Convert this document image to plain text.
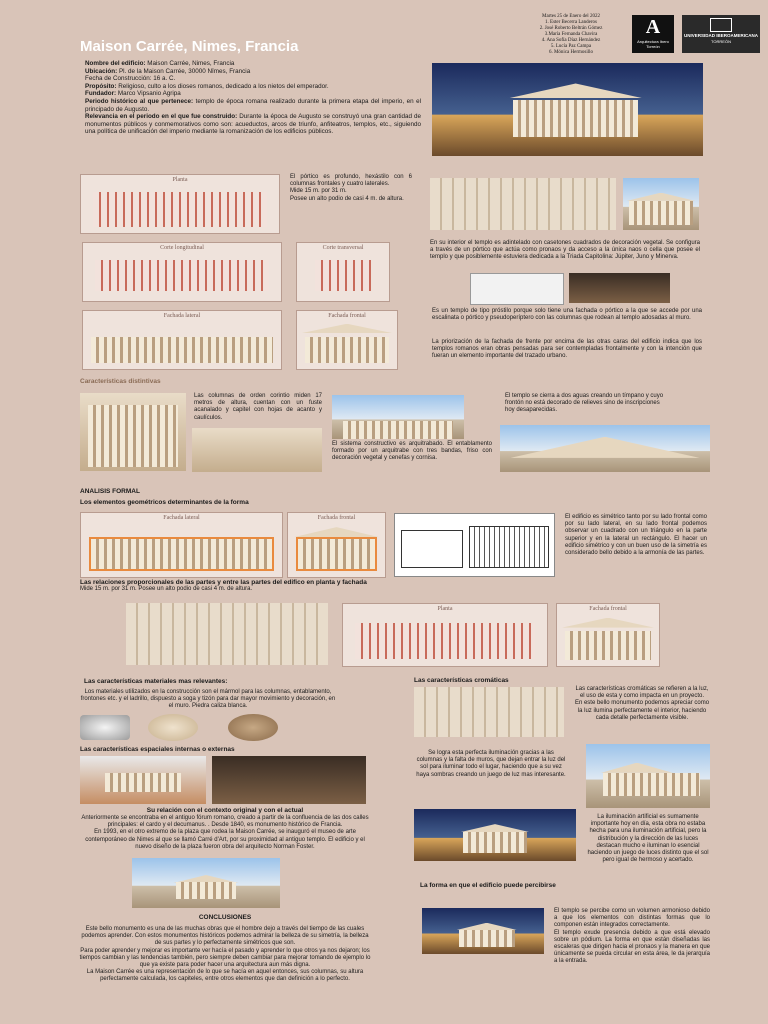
Maison Carrée, Nimes, Francia
Martes 25 de Enero del 2022
1. Ester Becerra Landeros
2. José Roberto Beltrán Gómez
3.María Fernanda Chavira
4. Ana Sofía Díaz Hernández
5. Lucía Paz Campa
6. Mónica Hermosillo
A
Arquitectura Ibero Torreón
UNIVERSIDAD IBEROAMERICANA
TORREÓN
Nombre del edificio: Maison Carrée, Nimes, Francia
Ubicación: Pl. de la Maison Carrée, 30000 Nîmes, Francia
Fecha de Construcción: 16 a. C.
Propósito: Religioso, culto a los dioses romanos, dedicado a los nietos del emperador.
Fundador: Marco Vipsanio Agripa
Periodo histórico al que pertenece: templo de época romana realizado durante la primera etapa del imperio, en el principado de Augusto.
Relevancia en el periodo en el que fue construido: Durante la época de Augusto se construyó una gran cantidad de monumentos públicos y conmemorativos como son: acueductos, arcos de triunfo, anfiteatros, templos, etc., siguiendo una política de unificación del imperio mediante la romanización de los edificios públicos.
Planta	El pórtico es profundo, hexástilo con 6 columnas frontales y cuatro laterales.
Mide 15 m. por 31 m.
Posee un alto podio de casi 4 m. de altura.
Corte longitudinal	Corte transversal
En su interior el templo es adintelado con casetones cuadrados de decoración vegetal. Se configura a través de un pórtico que actúa como pronaos y da acceso a la única naos o cella que posee el templo y que posiblemente estuviera dedicada a la Triada Capitolina: Júpiter, Juno y Minerva.
Fachada lateral	Fachada frontal
Es un templo de tipo próstilo porque solo tiene una fachada o pórtico a la que se accede por una escalinata o pórtico y pseudoperíptero con las columnas que rodean al templo adosadas al muro.
La priorización de la fachada de frente por encima de las otras caras del edificio indica que los templos romanos eran obras pensadas para ser contempladas frontalmente y con la intención que fueran un elemento importante del trazado urbano.
Características distintivas
Las columnas de orden corintio miden 17 metros de altura, cuentan con un fuste acanalado y capitel con hojas de acanto y caulículos.
El sistema constructivo es arquitrabado. El entablamento formado por un arquitrabe con tres bandas, friso con decoración vegetal y cenefas y cornisa.
El templo se cierra a dos aguas creando un tímpano y cuyo frontón no está decorado de relieves sino de inscripciones hoy desaparecidas.
ANALISIS FORMAL
Los elementos geométricos determinantes de la forma
Fachada lateral	Fachada frontal	El edificio es simétrico tanto por su lado frontal como por su lado lateral, en su lado frontal podemos observar un cuadrado con un triángulo en la parte superior y en la lateral un rectángulo. El hacer un edificio simétrico y con un buen uso de la simetría es considerado bello debido a la armonía de las partes.
Las relaciones proporcionales de las partes y entre las partes del edifico en planta y fachada
Mide 15 m. por 31 m. Posee un alto podio de casi 4 m. de altura.
Planta	Fachada frontal
Las características materiales mas relevantes:
Los materiales utilizados en la construcción son el mármol para las columnas, entablamento, frontones etc. y el ladrillo, dispuesto a soga y tizón para dar mayor movimiento y decoración, en el muro. Piedra caliza blanca.
Las características cromáticas
Las características cromáticas se refieren a la luz, el uso de esta y como impacta en un proyecto.
En este bello monumento podemos apreciar como la luz ilumina perfectamente el interior, haciendo cada detalle perfectamente visible.
Las características espaciales internas o externas	Se logra esta perfecta iluminación gracias a las columnas y la falta de muros, que dejan entrar la luz del sol para iluminar todo el lugar, haciendo que a su vez haya sombras creando un juego de luz mas interesante.
Su relación con el contexto original y con el actual
Anteriormente se encontraba en el antiguo fórum romano, creado a partir de la confluencia de las dos calles principales: el cardo y el decumanus. . Desde 1840, es monumento histórico de Francia.
En 1993, en el otro extremo de la plaza que rodea la Maison Carrée, se inauguró el museo de arte contemporáneo de Nimes al que se llamó Carré d'Art, por su proximidad al antiguo templo. El edificio y el nuevo diseño de la plaza fueron obra del arquitecto Norman Foster.
La iluminación artificial es sumamente importante hoy en día, esta obra no estaba hecha para una iluminación artificial, pero la distribución y la dirección de las luces destacan mucho e iluminan lo esencial haciendo un juego de luces distinto que el sol pero igual de hermoso y acertado.
La forma en que el edificio puede percibirse
El templo se percibe como un volumen armonioso debido a que los elementos con distintas formas que lo componen están integrados correctamente.
El templo exude presencia debido a que está elevado sobre un pódium. La forma en que están diseñadas las escaleras que dirigen hacia el pronaos y la manera en que únicamente se pueda circular en esta área, le da jerarquía a la entrada.
CONCLUSIONES
Este bello monumento es una de las muchas obras que el hombre dejo a través del tiempo de las cuales podemos aprender. Con estos monumentos históricos podemos admirar la belleza de su simetría, la belleza de sus partes y lo perfectamente simétricos que son.
Para poder aprender y mejorar es importante ver hacía el pasado y aprender lo que otros ya nos dejaron; los tiempos cambian y las tendencias también, pero siempre deben cambiar para mejorar tomando de ejemplo lo que ya existe para poder hacer una arquitectura aun más digna.
La Maison Carrée es una representación de lo que se hacía en aquel entonces, sus columnas, su altura perfectamente calculada, los capiteles, entre otros elementos que dan definición a lo perfecto.
